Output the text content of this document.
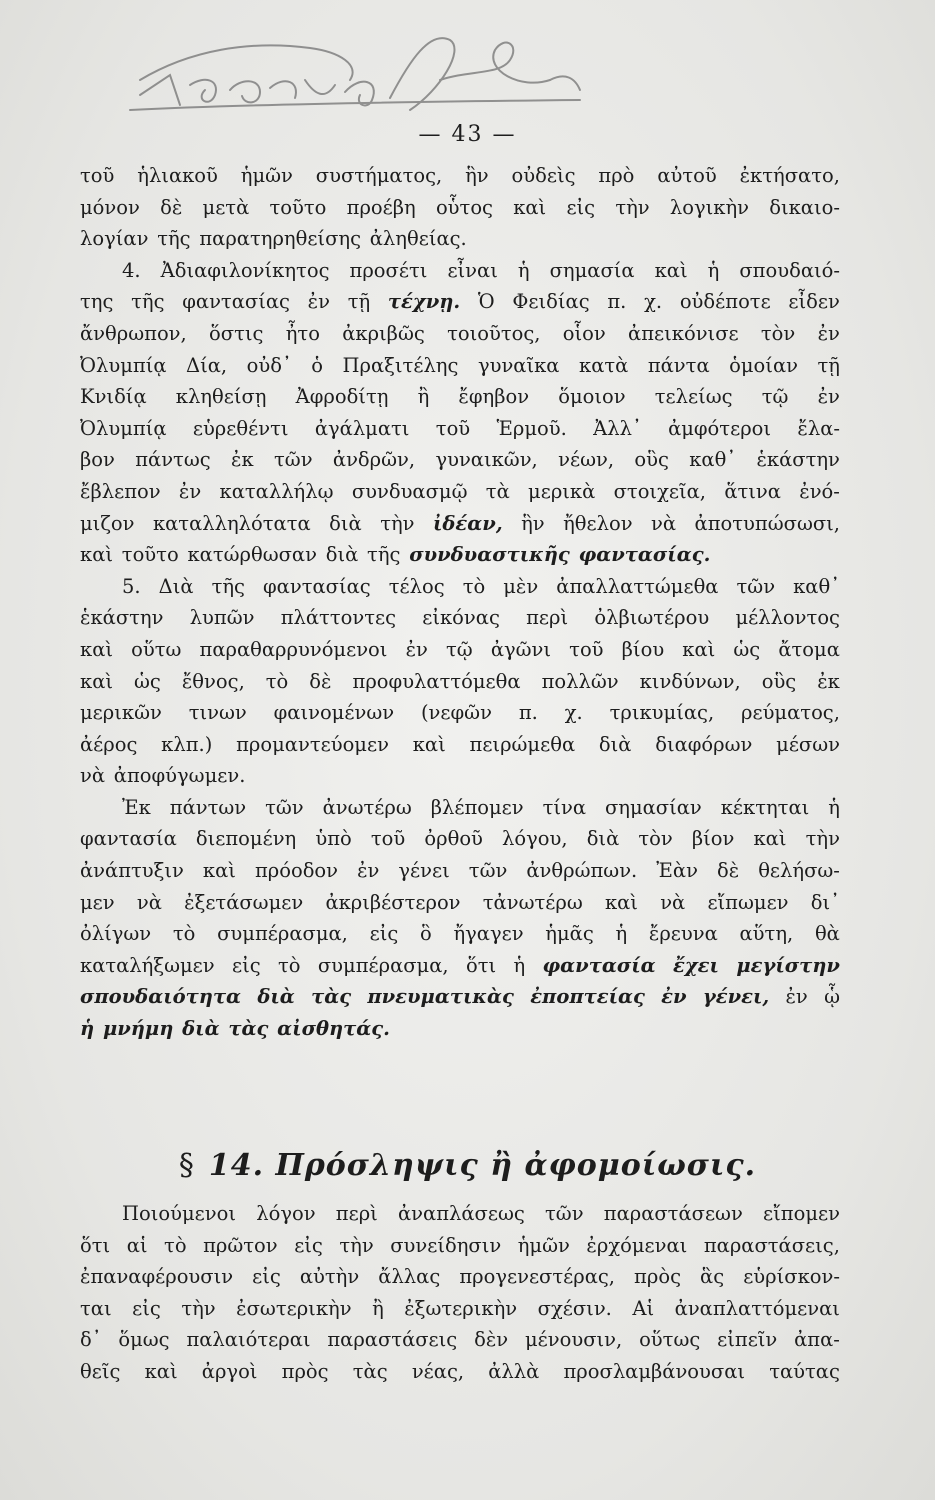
— 43 —
τοῦ ἡλιακοῦ ἡμῶν συστήματος, ἣν οὐδεὶς πρὸ αὐτοῦ ἐκτήσατο,
μόνον δὲ μετὰ τοῦτο προέβη οὗτος καὶ εἰς τὴν λογικὴν δικαιο-
λογίαν τῆς παρατηρηθείσης ἀληθείας.
4. Ἀδιαφιλονίκητος προσέτι εἶναι ἡ σημασία καὶ ἡ σπουδαιό-
της τῆς φαντασίας ἐν τῇ τέχνῃ. Ὁ Φειδίας π. χ. οὐδέποτε εἶδεν
ἄνθρωπον, ὅστις ἦτο ἀκριβῶς τοιοῦτος, οἷον ἀπεικόνισε τὸν ἐν
Ὀλυμπίᾳ Δία, οὐδ᾽ ὁ Πραξιτέλης γυναῖκα κατὰ πάντα ὁμοίαν τῇ
Κνιδίᾳ κληθείσῃ Ἀφροδίτῃ ἢ ἔφηβον ὅμοιον τελείως τῷ ἐν
Ὀλυμπίᾳ εὑρεθέντι ἀγάλματι τοῦ Ἑρμοῦ. Ἀλλ᾽ ἀμφότεροι ἔλα-
βον πάντως ἐκ τῶν ἀνδρῶν, γυναικῶν, νέων, οὓς καθ᾽ ἑκάστην
ἔβλεπον ἐν καταλλήλῳ συνδυασμῷ τὰ μερικὰ στοιχεῖα, ἅτινα ἐνό-
μιζον καταλληλότατα διὰ τὴν ἰδέαν, ἣν ἤθελον νὰ ἀποτυπώσωσι,
καὶ τοῦτο κατώρθωσαν διὰ τῆς συνδυαστικῆς φαντασίας.
5. Διὰ τῆς φαντασίας τέλος τὸ μὲν ἀπαλλαττώμεθα τῶν καθ᾽
ἑκάστην λυπῶν πλάττοντες εἰκόνας περὶ ὀλβιωτέρου μέλλοντος
καὶ οὕτω παραθαρρυνόμενοι ἐν τῷ ἀγῶνι τοῦ βίου καὶ ὡς ἄτομα
καὶ ὡς ἔθνος, τὸ δὲ προφυλαττόμεθα πολλῶν κινδύνων, οὓς ἐκ
μερικῶν τινων φαινομένων (νεφῶν π. χ. τρικυμίας, ρεύματος,
ἀέρος κλπ.) προμαντεύομεν καὶ πειρώμεθα διὰ διαφόρων μέσων
νὰ ἀποφύγωμεν.
Ἐκ πάντων τῶν ἀνωτέρω βλέπομεν τίνα σημασίαν κέκτηται ἡ
φαντασία διεπομένη ὑπὸ τοῦ ὀρθοῦ λόγου, διὰ τὸν βίον καὶ τὴν
ἀνάπτυξιν καὶ πρόοδον ἐν γένει τῶν ἀνθρώπων. Ἐὰν δὲ θελήσω-
μεν νὰ ἐξετάσωμεν ἀκριβέστερον τἀνωτέρω καὶ νὰ εἴπωμεν δι᾽
ὀλίγων τὸ συμπέρασμα, εἰς ὃ ἤγαγεν ἡμᾶς ἡ ἔρευνα αὕτη, θὰ
καταλήξωμεν εἰς τὸ συμπέρασμα, ὅτι ἡ φαντασία ἔχει μεγίστην
σπουδαιότητα διὰ τὰς πνευματικὰς ἐποπτείας ἐν γένει, ἐν ᾧ
ἡ μνήμη διὰ τὰς αἰσθητάς.
§ 14. Πρόσληψις ἢ ἀφομοίωσις.
Ποιούμενοι λόγον περὶ ἀναπλάσεως τῶν παραστάσεων εἴπομεν
ὅτι αἱ τὸ πρῶτον εἰς τὴν συνείδησιν ἡμῶν ἐρχόμεναι παραστάσεις,
ἐπαναφέρουσιν εἰς αὐτὴν ἄλλας προγενεστέρας, πρὸς ἃς εὑρίσκον-
ται εἰς τὴν ἐσωτερικὴν ἢ ἐξωτερικὴν σχέσιν. Αἱ ἀναπλαττόμεναι
δ᾽ ὅμως παλαιότεραι παραστάσεις δὲν μένουσιν, οὕτως εἰπεῖν ἀπα-
θεῖς καὶ ἀργοὶ πρὸς τὰς νέας, ἀλλὰ προσλαμβάνουσαι ταύτας
